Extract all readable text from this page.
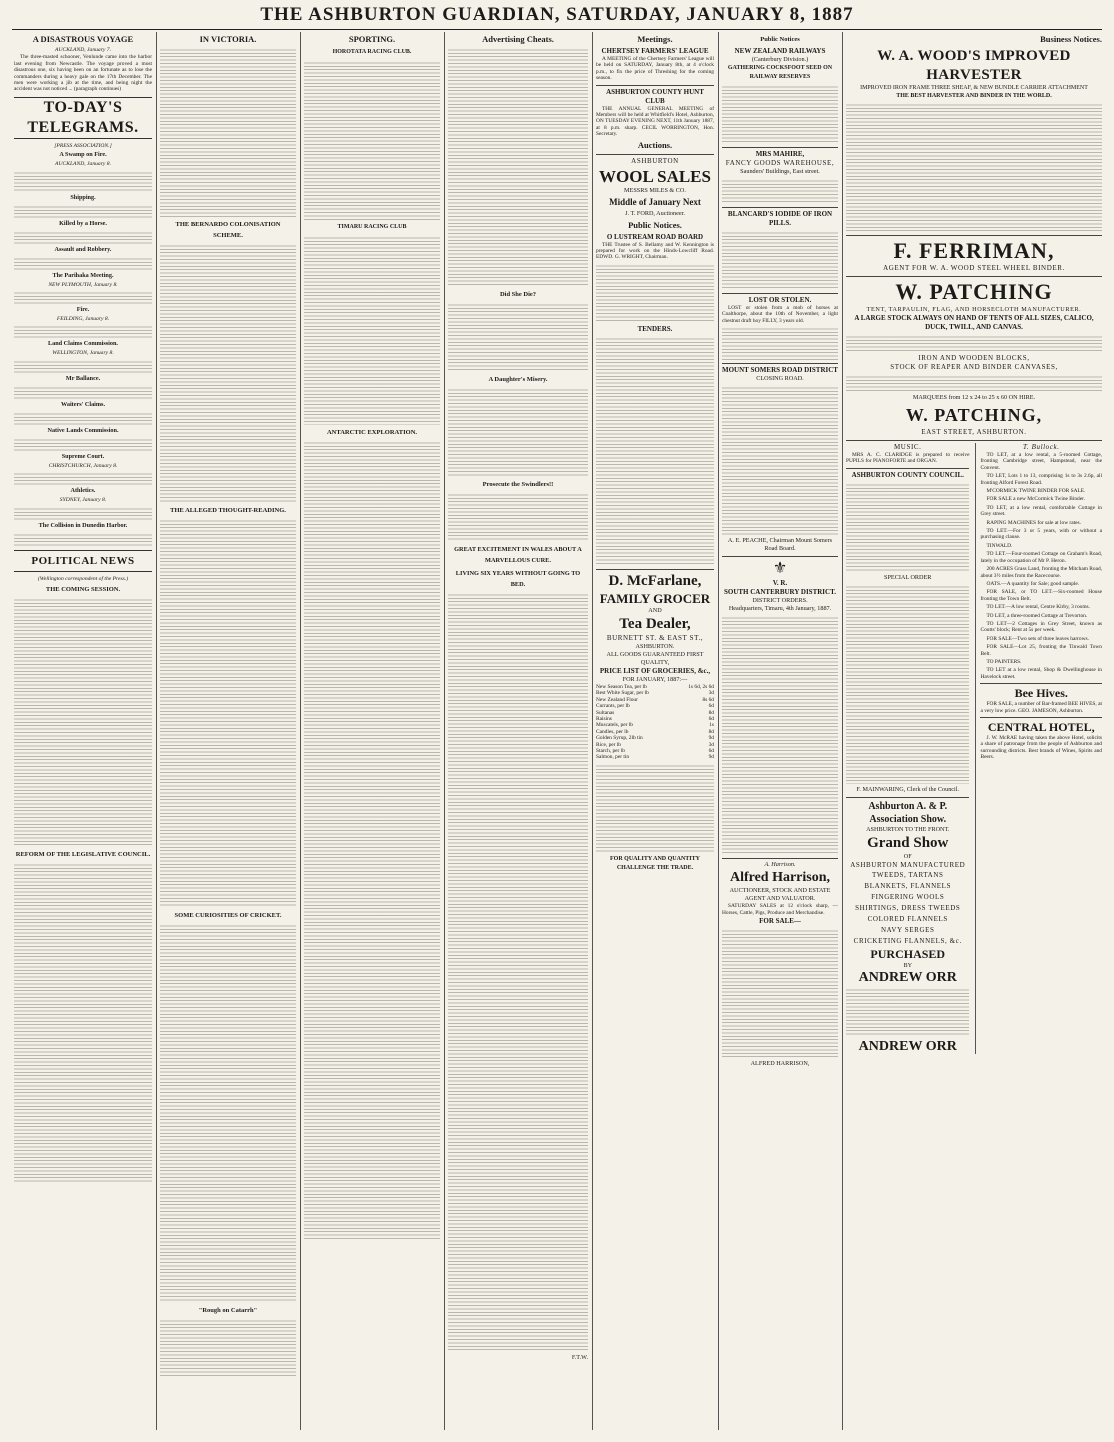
THE ASHBURTON GUARDIAN, SATURDAY, JANUARY 8, 1887
A DISASTROUS VOYAGE
AUCKLAND, January 7.
The three-masted schooner, Venlunde came into the harbor last evening from Newcastle. The voyage proved a most disastrous one, six having been on an fortunate as to lose the commanders during a heavy gale on the 17th December. The men were working a jib at the time, and being night the accident was not noticed ... (paragraph continues)
TO-DAY'S TELEGRAMS.
[PRESS ASSOCIATION.]
A Swamp on Fire.
AUCKLAND, January 8.
Shipping.
Killed by a Horse.
Assault and Robbery.
The Parihaka Meeting.
NEW PLYMOUTH, January 8.
Fire.
FEILDING, January 8.
Land Claims Commission.
WELLINGTON, January 8.
Mr Ballance.
Waiters' Claims.
Native Lands Commission.
Supreme Court.
CHRISTCHURCH, January 8.
Athletics.
SYDNEY, January 8.
The Collision in Dunedin Harbor.
POLITICAL NEWS
(Wellington correspondent of the Press.)
THE COMING SESSION.
REFORM OF THE LEGISLATIVE COUNCIL.
IN VICTORIA.
THE BERNARDO COLONISATION SCHEME.
THE ALLEGED THOUGHT-READING.
SOME CURIOSITIES OF CRICKET.
"Rough on Catarrh"
SPORTING.
HOROTATA RACING CLUB.
TIMARU RACING CLUB
ANTARCTIC EXPLORATION.
Advertising Cheats.
Did She Die?
A Daughter's Misery.
Prosecute the Swindlers!!
GREAT EXCITEMENT IN WALES ABOUT A MARVELLOUS CURE.
LIVING SIX YEARS WITHOUT GOING TO BED.
F.T.W.
Meetings.
CHERTSEY FARMERS' LEAGUE
A MEETING of the Chertsey Farmers' League will be held on SATURDAY, January 8th, at 4 o'clock p.m., to fix the price of Threshing for the coming season.
ASHBURTON COUNTY HUNT CLUB
THE ANNUAL GENERAL MEETING of Members will be held at Whitfield's Hotel, Ashburton, ON TUESDAY EVENING NEXT, 11th January 1887, at 8 p.m. sharp. CECIL WORRINGTON, Hon. Secretary.
Auctions.
ASHBURTON
WOOL SALES
MESSRS MILES & CO.
Middle of January Next
J. T. FORD, Auctioneer.
Public Notices.
O LUSTREAM ROAD BOARD
THE Trustee of S. Bellamy and W. Kennington is prepared for work on the Hinds-Lowcliff Road. EDWD. G. WRIGHT, Chairman.
TENDERS.
D. McFarlane,
FAMILY GROCER
AND
Tea Dealer,
BURNETT ST. & EAST ST.,
ASHBURTON.
ALL GOODS GUARANTEED FIRST QUALITY,
PRICE LIST OF GROCERIES, &c.,
FOR JANUARY, 1887:—
New Season Tea, per lb	1s 6d, 2s 6d
Best White Sugar, per lb	3d
New Zealand Flour	8s 6d
Currants, per lb	6d
Sultanas	8d
Raisins	6d
Muscatels, per lb	1s
Candles, per lb	8d
Golden Syrup, 2lb tin	9d
Rice, per lb	3d
Starch, per lb	6d
Salmon, per tin	9d
FOR QUALITY AND QUANTITY CHALLENGE THE TRADE.
Public Notices
NEW ZEALAND RAILWAYS
(Canterbury Division.)
GATHERING COCKSFOOT SEED ON RAILWAY RESERVES
MRS MAHIRE,
FANCY GOODS WAREHOUSE,
Saunders' Buildings, East street.
BLANCARD'S IODIDE OF IRON PILLS.
LOST OR STOLEN.
LOST or stolen from a mob of horses at Coalthorpe, about the 10th of November, a light chestnut draft hoy FILLY, 3 years old.
MOUNT SOMERS ROAD DISTRICT
CLOSING ROAD.
A. E. PEACHE, Chairman Mount Somers Road Board.
⚜
V. R.
SOUTH CANTERBURY DISTRICT.
DISTRICT ORDERS.
Headquarters, Timaru, 4th January, 1887.
A. Harrison.
Alfred Harrison,
AUCTIONEER, STOCK AND ESTATE AGENT AND VALUATOR.
SATURDAY SALES at 12 o'clock sharp, —Horses, Cattle, Pigs, Produce and Merchandise.
FOR SALE—
ALFRED HARRISON,
Business Notices.
W. A. WOOD'S IMPROVED HARVESTER
IMPROVED IRON FRAME THREE SHEAF, & NEW BUNDLE CARRIER ATTACHMENT
THE BEST HARVESTER AND BINDER IN THE WORLD.
F. FERRIMAN,
AGENT FOR W. A. WOOD STEEL WHEEL BINDER.
W. PATCHING
TENT, TARPAULIN, FLAG, AND HORSECLOTH MANUFACTURER.
A LARGE STOCK ALWAYS ON HAND OF TENTS OF ALL SIZES, CALICO, DUCK, TWILL, AND CANVAS.
IRON AND WOODEN BLOCKS,
STOCK OF REAPER AND BINDER CANVASES,
MARQUEES from 12 x 24 to 25 x 60 ON HIRE.
W. PATCHING,
EAST STREET, ASHBURTON.
MUSIC.
MRS A. C. CLARIDGE is prepared to receive PUPILS for PIANOFORTE and ORGAN.
ASHBURTON COUNTY COUNCIL.
SPECIAL ORDER
F. MAINWARING, Clerk of the Council.
Ashburton A. & P. Association Show.
ASHBURTON TO THE FRONT.
Grand Show
OF
ASHBURTON MANUFACTURED
TWEEDS, TARTANS
BLANKETS, FLANNELS
FINGERING WOOLS
SHIRTINGS, DRESS TWEEDS
COLORED FLANNELS
NAVY SERGES
CRICKETING FLANNELS, &c.
PURCHASED
BY
ANDREW ORR
ANDREW ORR
T. Bullock.
TO LET, at a low rental, a 5-roomed Cottage, fronting Cambridge street, Hampstead, near the Convent.
TO LET, Lots 1 to 13, comprising 1s to 3s 2.6p, all fronting Alford Forest Road.
M'CORMICK TWINE BINDER FOR SALE.
FOR SALE a new McCormick Twine Binder.
TO LET, at a low rental, comfortable Cottage in Grey street.
RAPING MACHINES for sale at low rates.
TO LET.—For 3 or 5 years, with or without a purchasing clause.
TINWALD.
TO LET.—Four-roomed Cottage on Graham's Road, lately in the occupation of Mr P. Heron.
200 ACRES Grass Land, fronting the Mitcham Road, about 3½ miles from the Racecourse.
OATS.—A quantity for Sale; good sample.
FOR SALE, or TO LET.—Six-roomed House fronting the Town Belt.
TO LET.—A low rental, Centre Kirby, 3 rooms.
TO LET, a three-roomed Cottage at Trevorton.
TO LET—2 Cottages in Grey Street, known as Coutts' block; Rent at 5s per week.
FOR SALE—Two sets of three leaves harrows.
FOR SALE—Lot 25, fronting the Tinwald Town Belt.
TO PAINTERS.
TO LET at a low rental, Shop & Dwellinghouse in Havelock street.
Bee Hives.
FOR SALE, a number of Bar-framed BEE HIVES, at a very low price. GEO. JAMESON, Ashburton.
CENTRAL HOTEL,
J. W. McRAE having taken the above Hotel, solicits a share of patronage from the people of Ashburton and surrounding districts. Best brands of Wines, Spirits and Beers.
